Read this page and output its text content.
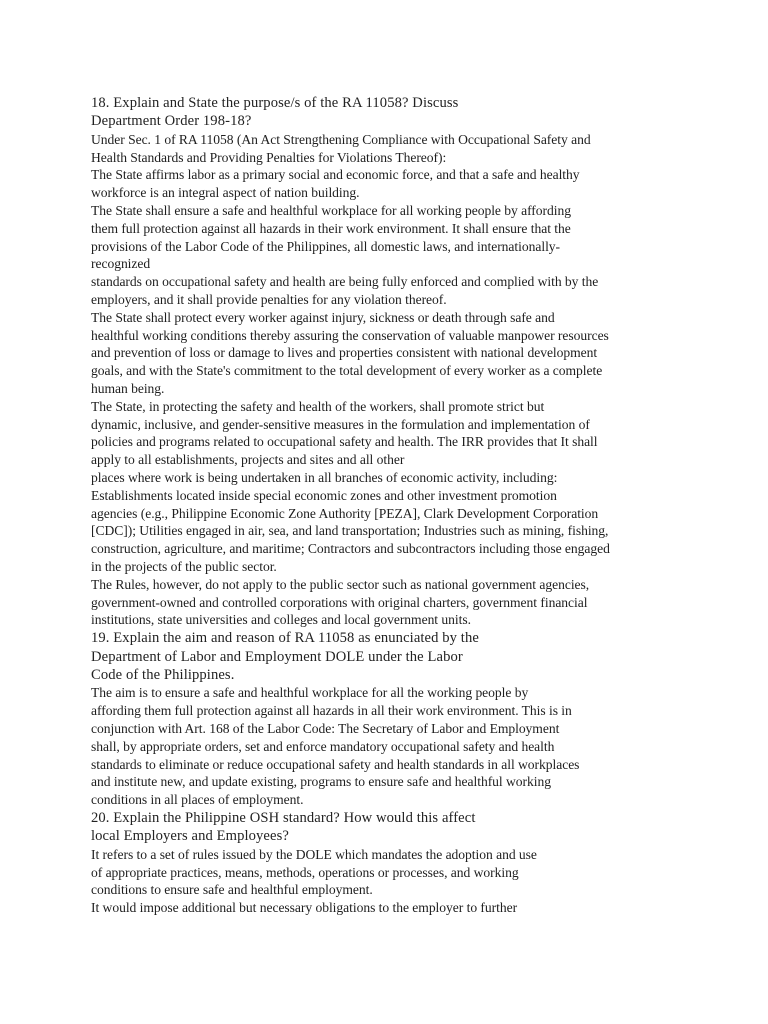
18. Explain and State the purpose/s of the RA 11058? Discuss
Department Order 198-18?
Under Sec. 1 of RA 11058 (An Act Strengthening Compliance with Occupational Safety and
Health Standards and Providing Penalties for Violations Thereof):
The State affirms labor as a primary social and economic force, and that a safe and healthy
workforce is an integral aspect of nation building.
The State shall ensure a safe and healthful workplace for all working people by affording
them full protection against all hazards in their work environment. It shall ensure that the
provisions of the Labor Code of the Philippines, all domestic laws, and internationally-
recognized
standards on occupational safety and health are being fully enforced and complied with by the
employers, and it shall provide penalties for any violation thereof.
The State shall protect every worker against injury, sickness or death through safe and
healthful working conditions thereby assuring the conservation of valuable manpower resources
and prevention of loss or damage to lives and properties consistent with national development
goals, and with the State's commitment to the total development of every worker as a complete
human being.
The State, in protecting the safety and health of the workers, shall promote strict but
dynamic, inclusive, and gender-sensitive measures in the formulation and implementation of
policies and programs related to occupational safety and health. The IRR provides that It shall
apply to all establishments, projects and sites and all other
places where work is being undertaken in all branches of economic activity, including:
Establishments located inside special economic zones and other investment promotion
agencies (e.g., Philippine Economic Zone Authority [PEZA], Clark Development Corporation
[CDC]); Utilities engaged in air, sea, and land transportation; Industries such as mining, fishing,
construction, agriculture, and maritime; Contractors and subcontractors including those engaged
in the projects of the public sector.
The Rules, however, do not apply to the public sector such as national government agencies,
government-owned and controlled corporations with original charters, government financial
institutions, state universities and colleges and local government units.
19. Explain the aim and reason of RA 11058 as enunciated by the
Department of Labor and Employment DOLE under the Labor
Code of the Philippines.
The aim is to ensure a safe and healthful workplace for all the working people by
affording them full protection against all hazards in all their work environment. This is in
conjunction with Art. 168 of the Labor Code: The Secretary of Labor and Employment
shall, by appropriate orders, set and enforce mandatory occupational safety and health
standards to eliminate or reduce occupational safety and health standards in all workplaces
and institute new, and update existing, programs to ensure safe and healthful working
conditions in all places of employment.
20. Explain the Philippine OSH standard? How would this affect
local Employers and Employees?
It refers to a set of rules issued by the DOLE which mandates the adoption and use
of appropriate practices, means, methods, operations or processes, and working
conditions to ensure safe and healthful employment.
It would impose additional but necessary obligations to the employer to further
